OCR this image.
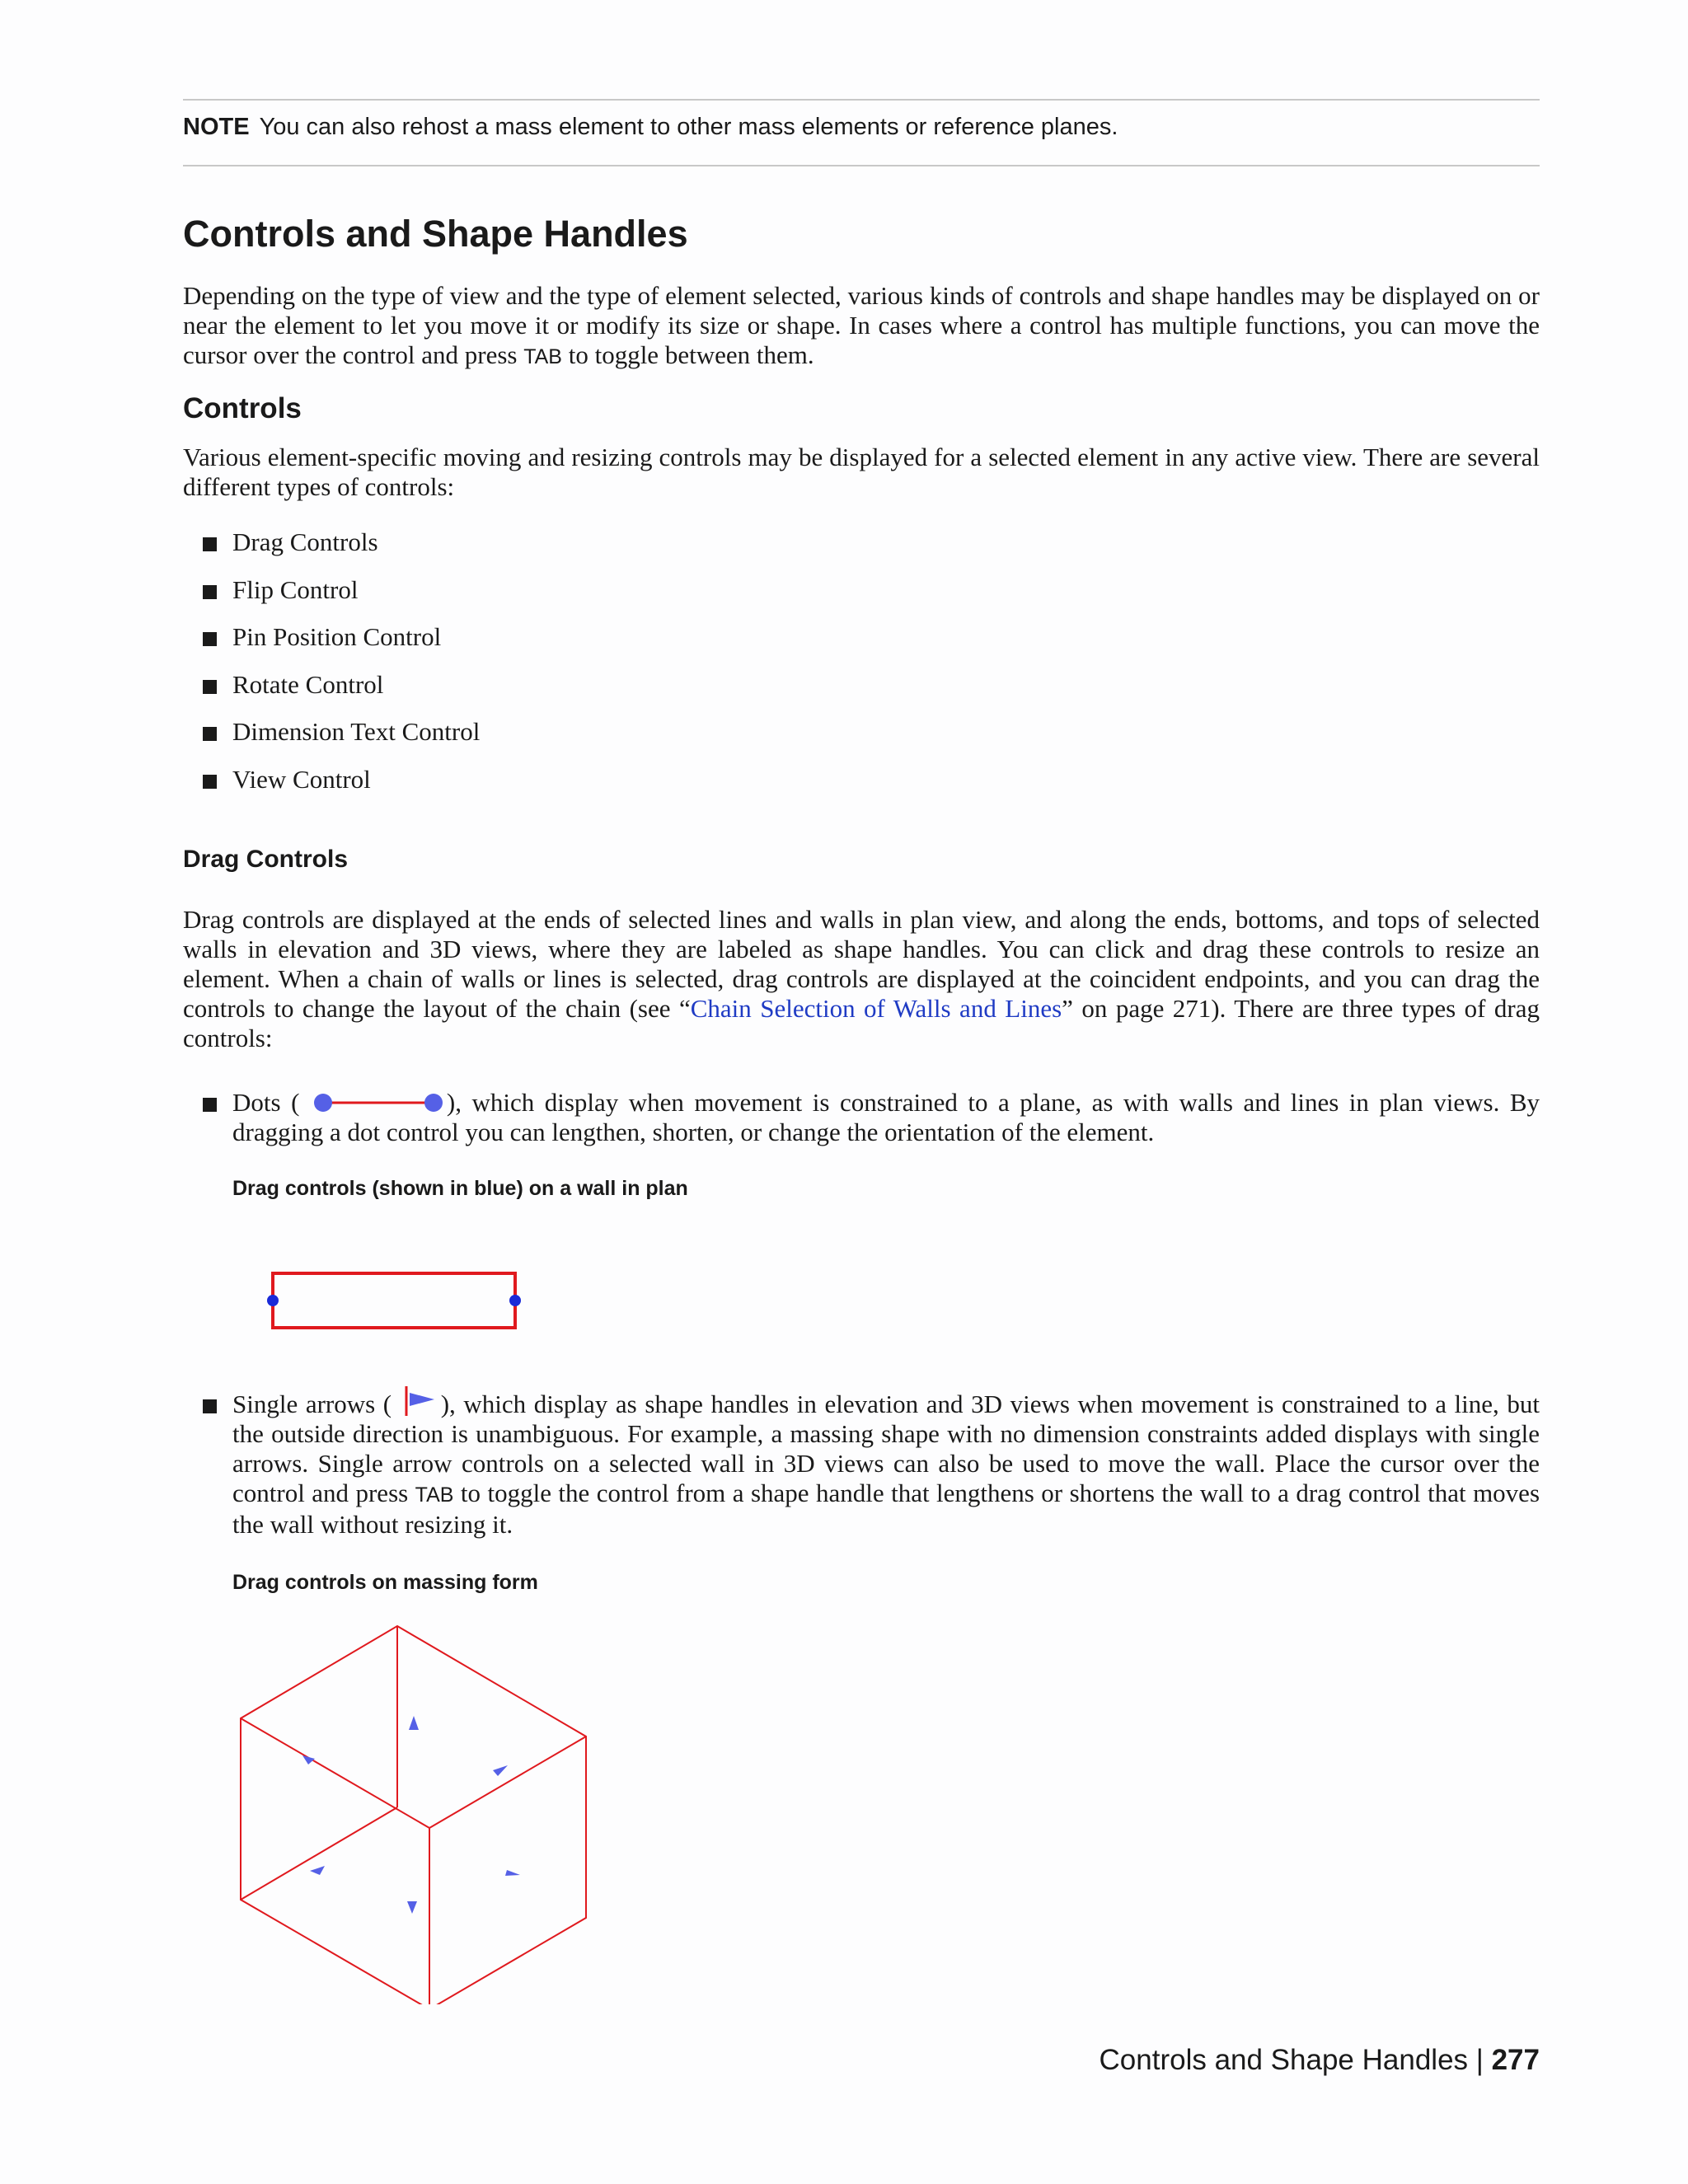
NOTE You can also rehost a mass element to other mass elements or reference planes.
Controls and Shape Handles

Depending on the type of view and the type of element selected, various kinds of controls and shape handles may be displayed on or near the element to let you move it or modify its size or shape. In cases where a control has multiple functions, you can move the cursor over the control and press TAB to toggle between them.

Controls

Various element-specific moving and resizing controls may be displayed for a selected element in any active view. There are several different types of controls:

Drag Controls
Flip Control
Pin Position Control
Rotate Control
Dimension Text Control
View Control
Drag Controls

Drag controls are displayed at the ends of selected lines and walls in plan view, and along the ends, bottoms, and tops of selected walls in elevation and 3D views, where they are labeled as shape handles. You can click and drag these controls to resize an element. When a chain of walls or lines is selected, drag controls are displayed at the coincident endpoints, and you can drag the controls to change the layout of the chain (see “Chain Selection of Walls and Lines” on page 271). There are three types of drag controls:

Dots (	), which display when movement is constrained to a plane, as with walls and lines in plan views. By dragging a dot control you can lengthen, shorten, or change the orientation of the element.
Drag controls (shown in blue) on a wall in plan
Single arrows ( ), which display as shape handles in elevation and 3D views when movement is constrained to a line, but the outside direction is unambiguous. For example, a massing shape with no dimension constraints added displays with single arrows. Single arrow controls on a selected wall in 3D views can also be used to move the wall. Place the cursor over the control and press TAB to toggle the control from a shape handle that lengthens or shortens the wall to a drag control that moves the wall without resizing it.
Drag controls on massing form
Controls and Shape Handles | 277
